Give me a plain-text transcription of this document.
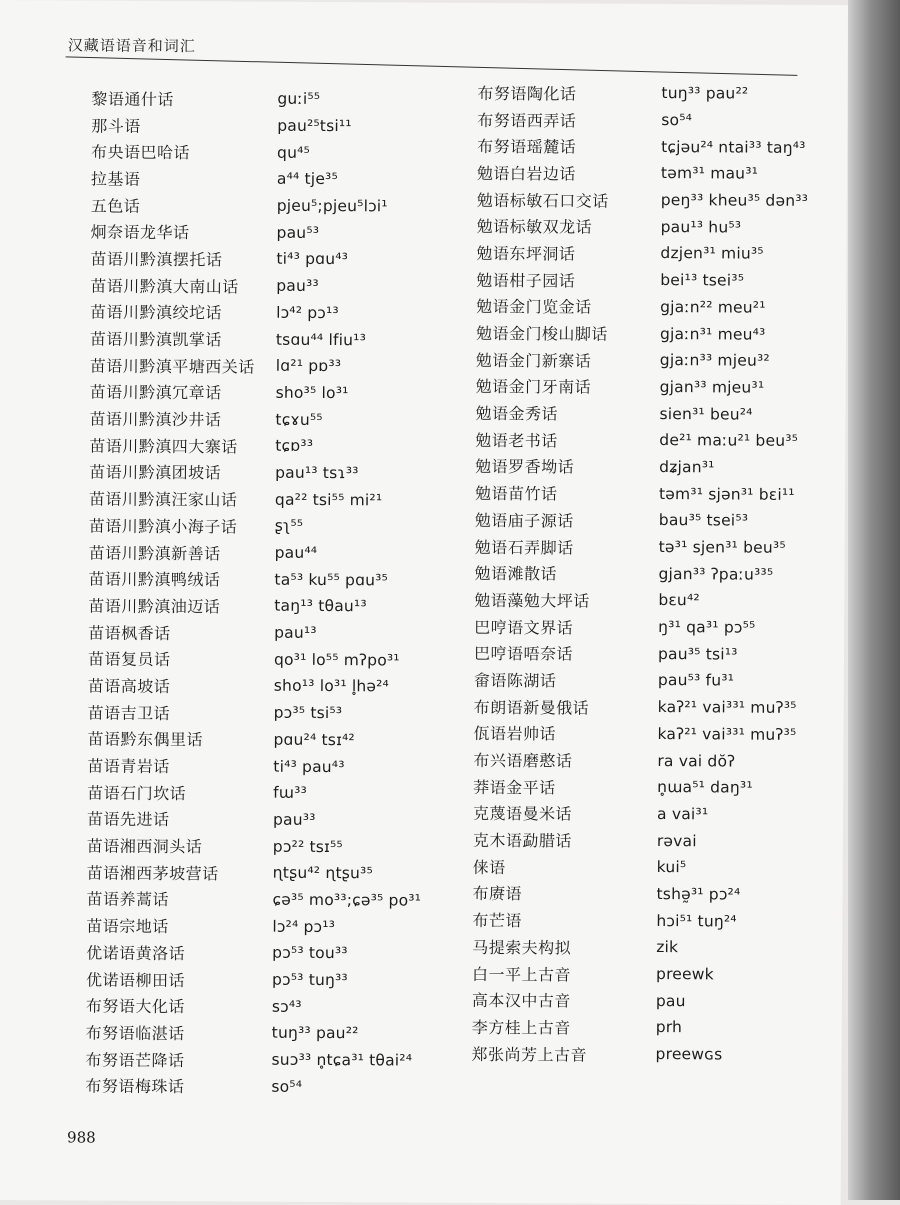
汉藏语语音和词汇
黎语通什话	guːi⁵⁵
那斗语	pau²⁵tsi¹¹
布央语巴哈话	qu⁴⁵
拉基语	a⁴⁴ tje³⁵
五色话	pjeu⁵;pjeu⁵lɔi¹
炯奈语龙华话	pau⁵³
苗语川黔滇摆托话	ti⁴³ pɑu⁴³
苗语川黔滇大南山话	pau³³
苗语川黔滇绞坨话	lɔ⁴² pɔ¹³
苗语川黔滇凯掌话	tsɑu⁴⁴ lfiu¹³
苗语川黔滇平塘西关话	lɑ²¹ pɒ³³
苗语川黔滇冗章话	sho³⁵ lo³¹
苗语川黔滇沙井话	tɕɤu⁵⁵
苗语川黔滇四大寨话	tɕɒ³³
苗语川黔滇团坡话	pau¹³ tsɿ³³
苗语川黔滇汪家山话	qa²² tsi⁵⁵ mi²¹
苗语川黔滇小海子话	ʂʅ⁵⁵
苗语川黔滇新善话	pau⁴⁴
苗语川黔滇鸭绒话	ta⁵³ ku⁵⁵ pɑu³⁵
苗语川黔滇油迈话	taŋ¹³ tθau¹³
苗语枫香话	pau¹³
苗语复员话	qo³¹ lo⁵⁵ mʔpo³¹
苗语高坡话	sho¹³ lo³¹ l̥hə²⁴
苗语吉卫话	pɔ³⁵ tsi⁵³
苗语黔东偶里话	pɑu²⁴ tsɪ⁴²
苗语青岩话	ti⁴³ pau⁴³
苗语石门坎话	fɯ³³
苗语先进话	pau³³
苗语湘西洞头话	pɔ²² tsɪ⁵⁵
苗语湘西茅坡营话	ɳtʂu⁴² ɳtʂu³⁵
苗语养蒿话	ɕə³⁵ mo³³;ɕə³⁵ po³¹
苗语宗地话	lɔ²⁴ pɔ¹³
优诺语黄洛话	pɔ⁵³ tou³³
优诺语柳田话	pɔ⁵³ tuŋ³³
布努语大化话	sɔ⁴³
布努语临湛话	tuŋ³³ pau²²
布努语芒降话	suɔ³³ n̥tɕa³¹ tθai²⁴
布努语梅珠话	so⁵⁴
布努语陶化话	tuŋ³³ pau²²
布努语西弄话	so⁵⁴
布努语瑶麓话	tɕjəu²⁴ ntai³³ taŋ⁴³
勉语白岩边话	təm³¹ mau³¹
勉语标敏石口交话	peŋ³³ kheu³⁵ dən³³
勉语标敏双龙话	pau¹³ hu⁵³
勉语东坪洞话	dzjen³¹ miu³⁵
勉语柑子园话	bei¹³ tsei³⁵
勉语金门览金话	gjaːn²² meu²¹
勉语金门梭山脚话	gjaːn³¹ meu⁴³
勉语金门新寨话	gjaːn³³ mjeu³²
勉语金门牙南话	gjan³³ mjeu³¹
勉语金秀话	sien³¹ beu²⁴
勉语老书话	de²¹ maːu²¹ beu³⁵
勉语罗香坳话	dʑjan³¹
勉语苗竹话	təm³¹ sjən³¹ bɛi¹¹
勉语庙子源话	bau³⁵ tsei⁵³
勉语石弄脚话	tə³¹ sjen³¹ beu³⁵
勉语滩散话	gjan³³ ʔpaːu³³⁵
勉语藻勉大坪话	bɛu⁴²
巴哼语文界话	ŋ³¹ qa³¹ pɔ⁵⁵
巴哼语唔奈话	pau³⁵ tsi¹³
畲语陈湖话	pau⁵³ fu³¹
布朗语新曼俄话	kaʔ²¹ vai³³¹ muʔ³⁵
佤语岩帅话	kaʔ²¹ vai³³¹ muʔ³⁵
布兴语磨憨话	ra vai dŏʔ
莽语金平话	n̥ɯa⁵¹ daŋ³¹
克蔑语曼米话	a vai³¹
克木语勐腊话	rəvai
俫语	kui⁵
布赓语	tshə̰³¹ pɔ²⁴
布芒语	hɔi⁵¹ tuŋ²⁴
马提索夫构拟	zik
白一平上古音	preewk
高本汉中古音	pau
李方桂上古音	prh
郑张尚芳上古音	preewɢs
988
